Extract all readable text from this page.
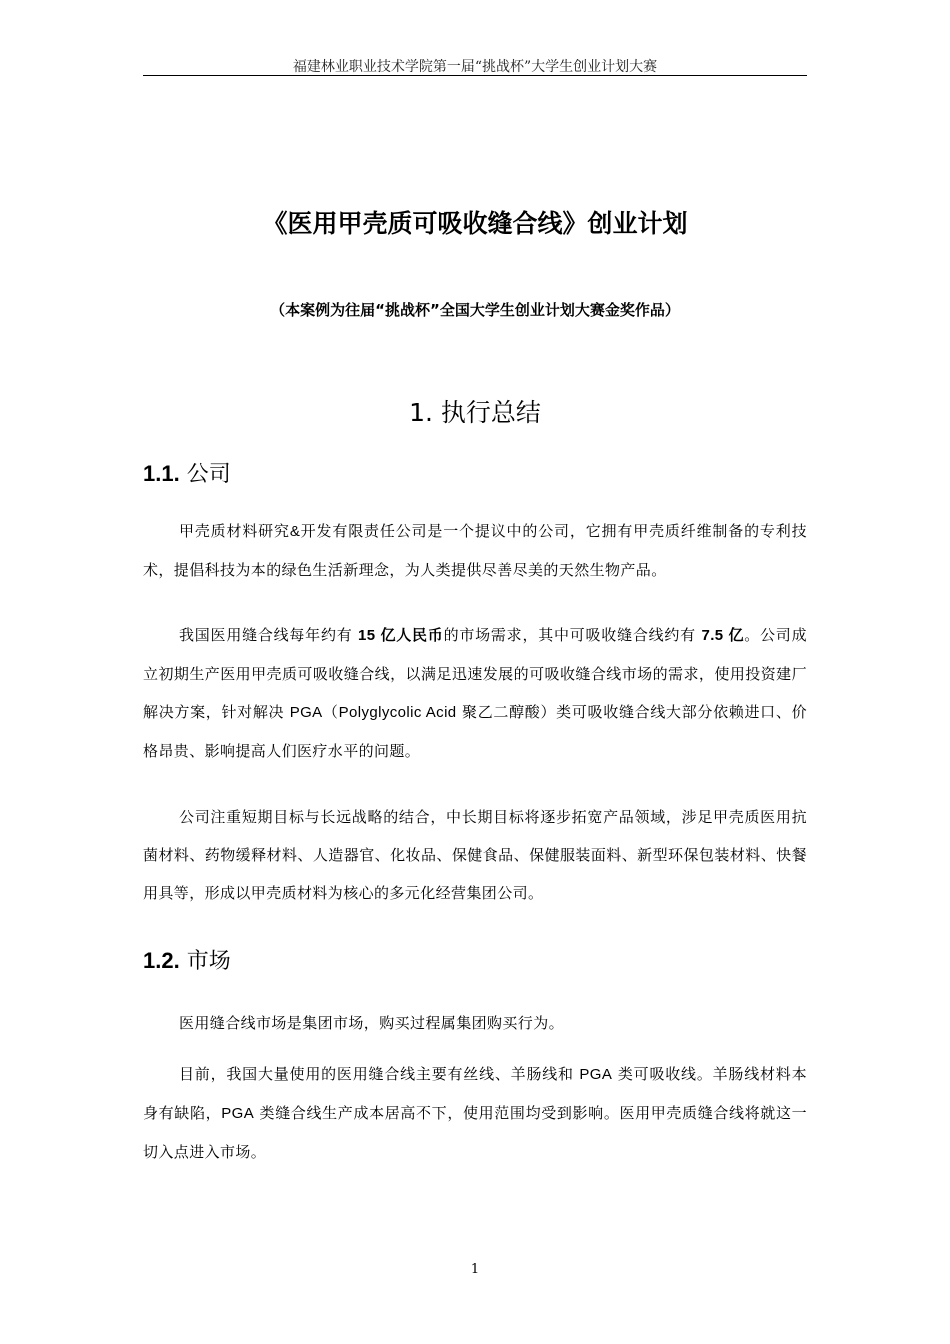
福建林业职业技术学院第一届“挑战杯”大学生创业计划大赛
《医用甲壳质可吸收缝合线》创业计划
（本案例为往届“挑战杯”全国大学生创业计划大赛金奖作品）
1. 执行总结
1.1. 公司
甲壳质材料研究&开发有限责任公司是一个提议中的公司，它拥有甲壳质纤维制备的专利技术，提倡科技为本的绿色生活新理念，为人类提供尽善尽美的天然生物产品。
我国医用缝合线每年约有 15 亿人民币的市场需求，其中可吸收缝合线约有 7.5 亿。公司成立初期生产医用甲壳质可吸收缝合线，以满足迅速发展的可吸收缝合线市场的需求，使用投资建厂解决方案，针对解决 PGA（Polyglycolic Acid 聚乙二醇酸）类可吸收缝合线大部分依赖进口、价格昂贵、影响提高人们医疗水平的问题。
公司注重短期目标与长远战略的结合，中长期目标将逐步拓宽产品领域，涉足甲壳质医用抗菌材料、药物缓释材料、人造器官、化妆品、保健食品、保健服装面料、新型环保包装材料、快餐用具等，形成以甲壳质材料为核心的多元化经营集团公司。
1.2. 市场
医用缝合线市场是集团市场，购买过程属集团购买行为。
目前，我国大量使用的医用缝合线主要有丝线、羊肠线和 PGA 类可吸收线。羊肠线材料本身有缺陷，PGA 类缝合线生产成本居高不下，使用范围均受到影响。医用甲壳质缝合线将就这一切入点进入市场。
1
